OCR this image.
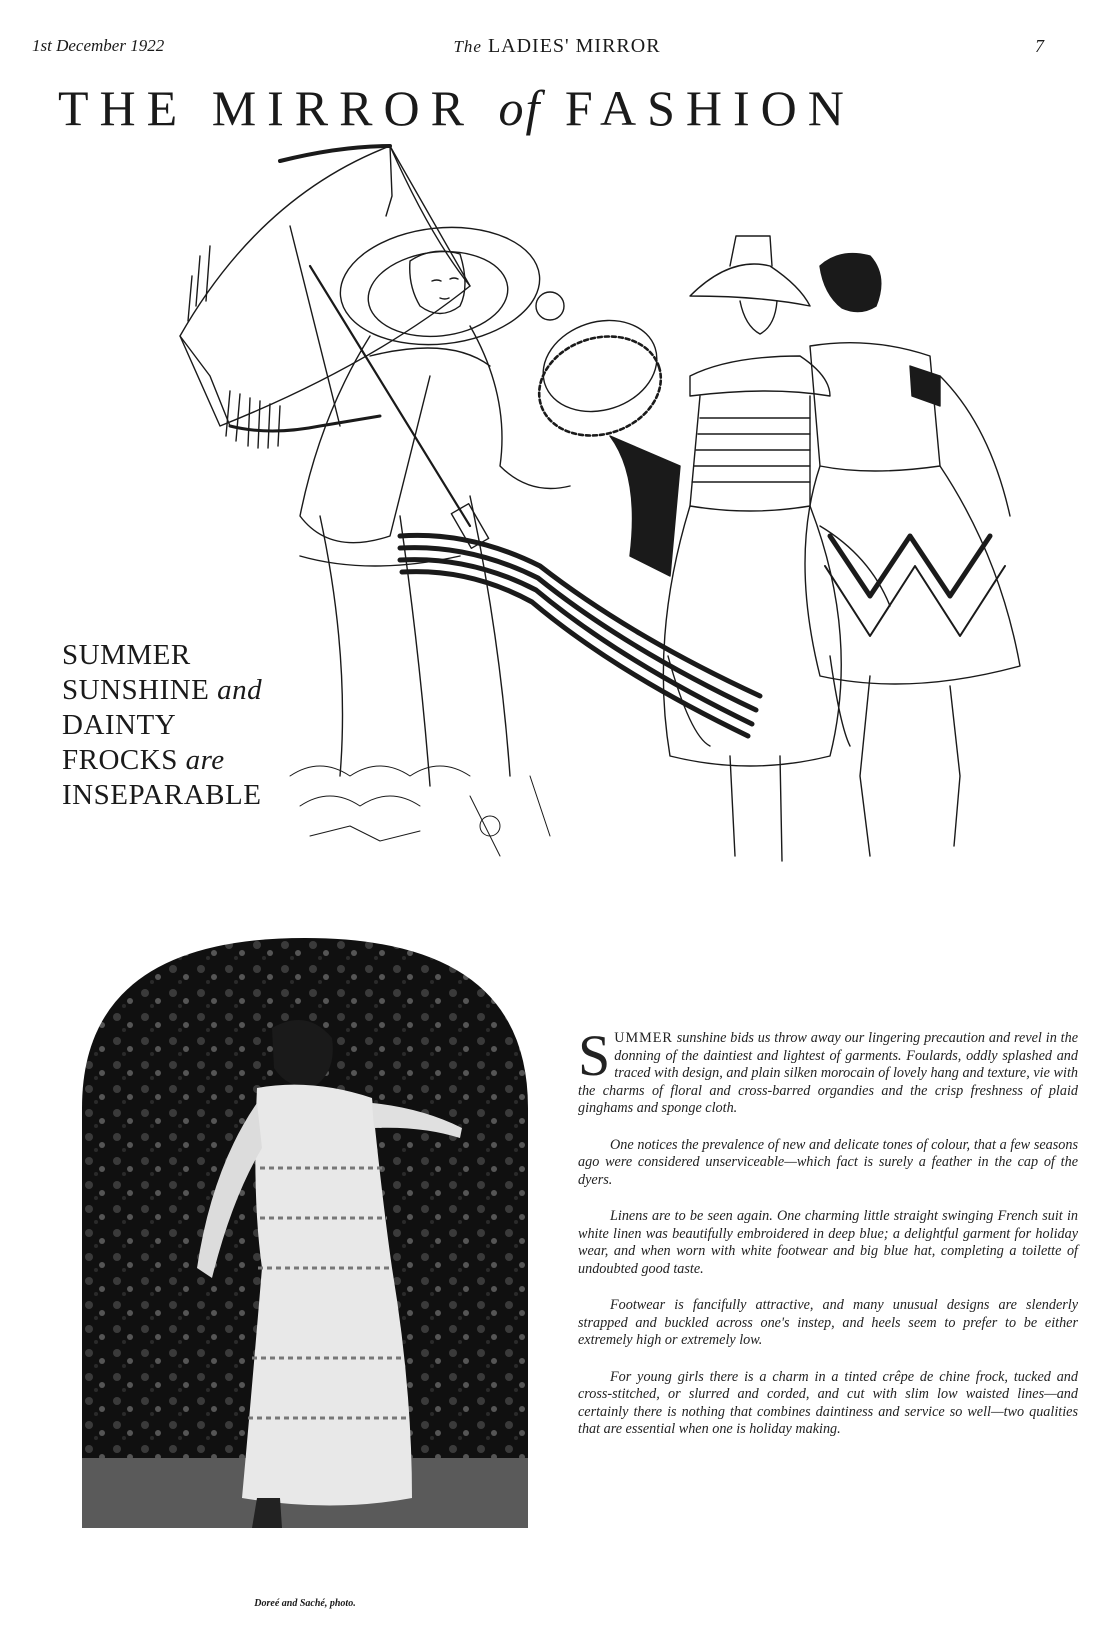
1st December 1922	The LADIES' MIRROR	7
THE MIRROR of FASHION
SUMMER
SUNSHINE and
DAINTY
FROCKS are
INSEPARABLE
Doreé and Saché, photo.

SUMMER sunshine bids us throw away our lingering precaution and revel in the donning of the daintiest and lightest of garments. Foulards, oddly splashed and traced with design, and plain silken morocain of lovely hang and texture, vie with the charms of floral and cross-barred organdies and the crisp freshness of plaid ginghams and sponge cloth.

One notices the prevalence of new and delicate tones of colour, that a few seasons ago were considered unserviceable—which fact is surely a feather in the cap of the dyers.

Linens are to be seen again. One charming little straight swinging French suit in white linen was beautifully embroidered in deep blue; a delightful garment for holiday wear, and when worn with white footwear and big blue hat, completing a toilette of undoubted good taste.

Footwear is fancifully attractive, and many unusual designs are slenderly strapped and buckled across one's instep, and heels seem to prefer to be either extremely high or extremely low.

For young girls there is a charm in a tinted crêpe de chine frock, tucked and cross-stitched, or slurred and corded, and cut with slim low waisted lines—and certainly there is nothing that combines daintiness and service so well—two qualities that are essential when one is holiday making.
